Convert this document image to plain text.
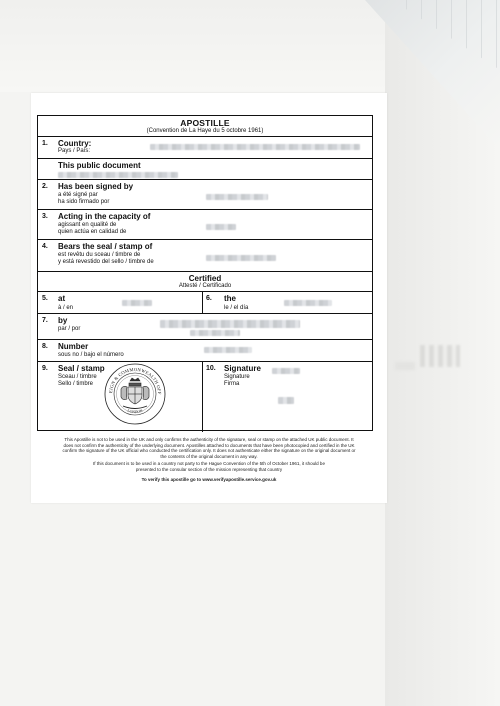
APOSTILLE
(Convention de La Haye du 5 octobre 1961)
1. Country:
Pays / País:
This public document
2. Has been signed by
a été signé par
ha sido firmado por
3. Acting in the capacity of
agissant en qualité de
quien actúa en calidad de
4. Bears the seal / stamp of
est revêtu du sceau / timbre de
y está revestido del sello / timbre de
Certified
Attesté / Certificado
5. at
à / en
6. the
le / el día
7. by
par / por
8. Number
sous no / bajo el número
9. Seal / stamp
Sceau / timbre
Sello / timbre
EIGN & COMMONWEALTH OFF
LONDON
10. Signature
Signature
Firma

This Apostille is not to be used in the UK and only confirms the authenticity of the signature, seal or stamp on the attached UK public document. It does not confirm the authenticity of the underlying document. Apostilles attached to documents that have been photocopied and certified in the UK confirm the signature of the UK official who conducted the certification only. It does not authenticate either the signature on the original document or the contents of the original document in any way.

If this document is to be used in a country not party to the Hague Convention of the 5th of October 1961, it should be presented to the consular section of the mission representing that country

To verify this apostille go to www.verifyapostille.service.gov.uk
